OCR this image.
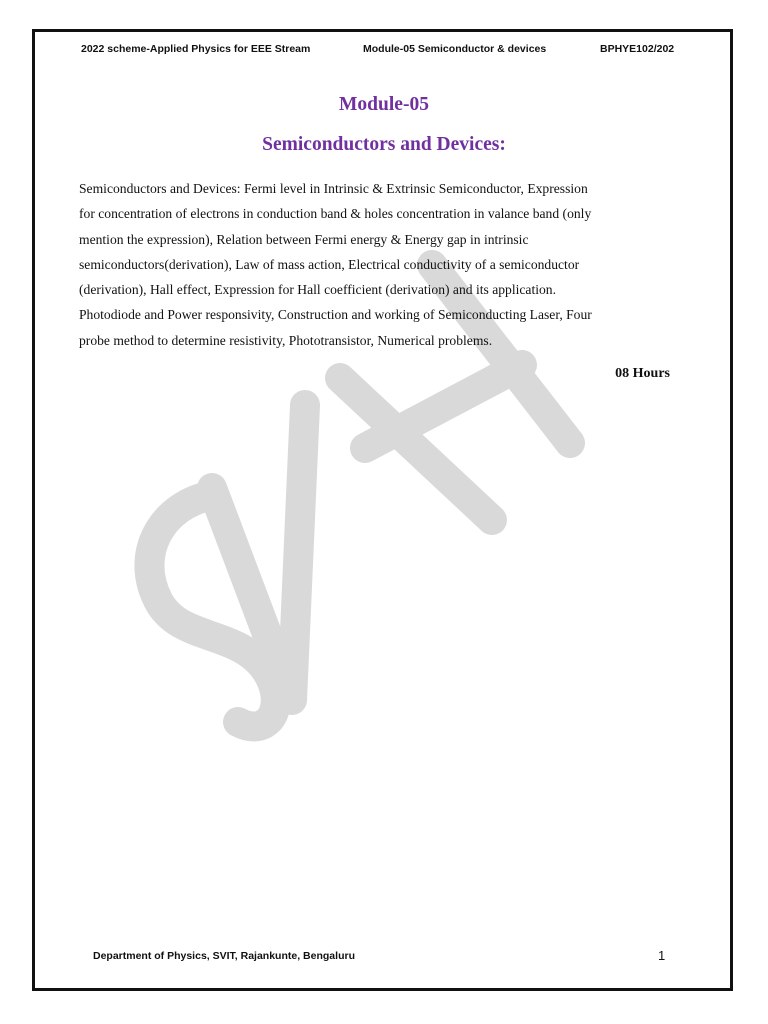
2022 scheme-Applied Physics for EEE Stream	Module-05 Semiconductor & devices	BPHYE102/202
Module-05
Semiconductors and Devices:

Semiconductors and Devices: Fermi level in Intrinsic & Extrinsic Semiconductor, Expression
for concentration of electrons in conduction band & holes concentration in valance band (only
mention the expression), Relation between Fermi energy & Energy gap in intrinsic
semiconductors(derivation), Law of mass action, Electrical conductivity of a semiconductor
(derivation), Hall effect, Expression for Hall coefficient (derivation) and its application.
Photodiode and Power responsivity, Construction and working of Semiconducting Laser, Four
probe method to determine resistivity, Phototransistor, Numerical problems.

08 Hours
Department of Physics, SVIT, Rajankunte, Bengaluru	1
